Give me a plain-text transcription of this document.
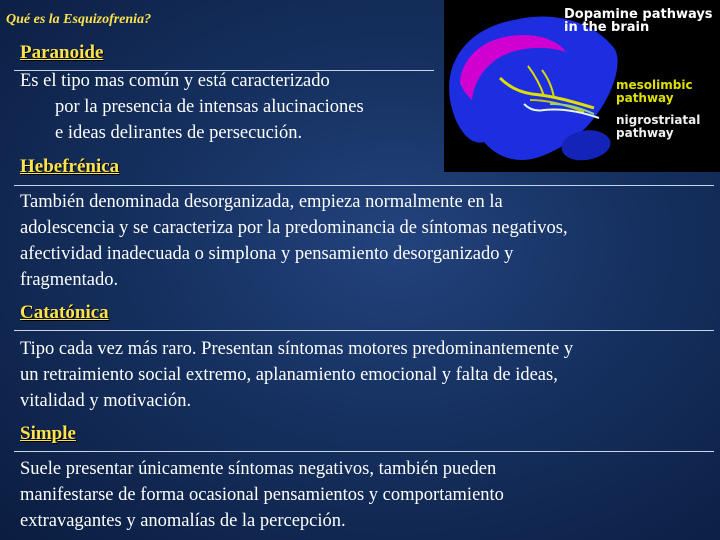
Qué es la Esquizofrenia?	Dopamine pathways
in the brain
mesolimbic
pathway
nigrostriatal
pathway
Paranoide
Es el tipo mas común y está caracterizado
por la presencia de intensas alucinaciones
e ideas delirantes de persecución.
Hebefrénica
También denominada desorganizada, empieza normalmente en la
adolescencia y se caracteriza por la predominancia de síntomas negativos,
afectividad inadecuada o simplona y pensamiento desorganizado y
fragmentado.
Catatónica
Tipo cada vez más raro. Presentan síntomas motores predominantemente y
un retraimiento social extremo, aplanamiento emocional y falta de ideas,
vitalidad y motivación.
Simple
Suele presentar únicamente síntomas negativos, también pueden
manifestarse de forma ocasional pensamientos y comportamiento
extravagantes y anomalías de la percepción.
